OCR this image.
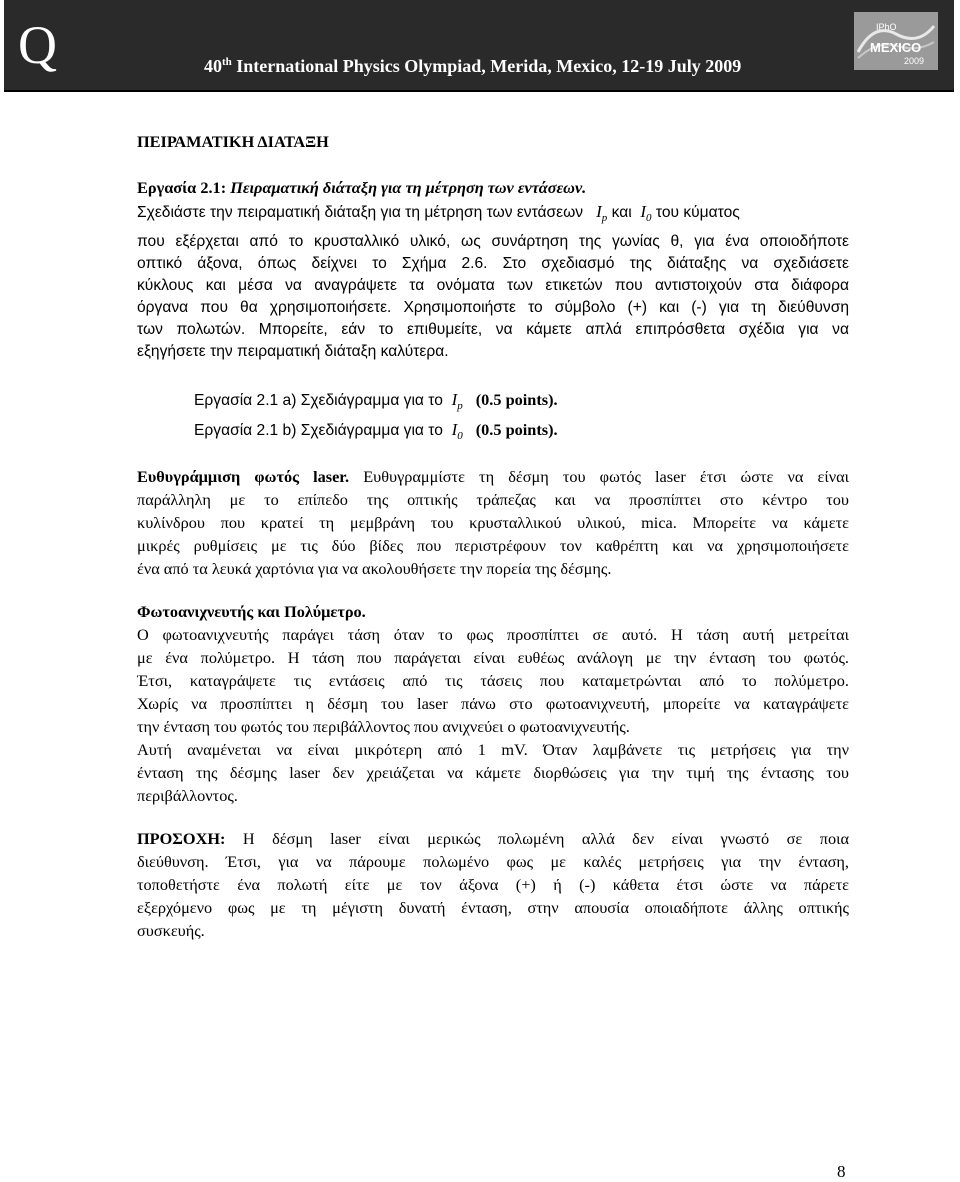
Q	40th International Physics Olympiad, Merida, Mexico, 12-19 July 2009
IPhO
MEXICO
2009
ΠΕΙΡΑΜΑΤΙΚΗ ΔΙΑΤΑΞΗ
Εργασία 2.1: Πειραματική διάταξη για τη μέτρηση των εντάσεων.
Σχεδιάστε την πειραματική διάταξη για τη μέτρηση των εντάσεων $I_p$ και $I_0$ του κύματος
που εξέρχεται από το κρυσταλλικό υλικό, ως συνάρτηση της γωνίας θ, για ένα οποιοδήποτε
οπτικό άξονα, όπως δείχνει το Σχήμα 2.6. Στο σχεδιασμό της διάταξης να σχεδιάσετε
κύκλους και μέσα να αναγράψετε τα ονόματα των ετικετών που αντιστοιχούν στα διάφορα
όργανα που θα χρησιμοποιήσετε. Χρησιμοποιήστε το σύμβολο (+) και (-) για τη διεύθυνση
των πολωτών. Μπορείτε, εάν το επιθυμείτε, να κάμετε απλά επιπρόσθετα σχέδια για να
εξηγήσετε την πειραματική διάταξη καλύτερα.
Εργασία 2.1 a) Σχεδιάγραμμα για το $I_p$ (0.5 points).
Εργασία 2.1 b) Σχεδιάγραμμα για το $I_0$ (0.5 points).
Ευθυγράμμιση φωτός laser. Ευθυγραμμίστε τη δέσμη του φωτός laser έτσι ώστε να είναι
παράλληλη με το επίπεδο της οπτικής τράπεζας και να προσπίπτει στο κέντρο του
κυλίνδρου που κρατεί τη μεμβράνη του κρυσταλλικού υλικού, mica. Μπορείτε να κάμετε
μικρές ρυθμίσεις με τις δύο βίδες που περιστρέφουν τον καθρέπτη και να χρησιμοποιήσετε
ένα από τα λευκά χαρτόνια για να ακολουθήσετε την πορεία της δέσμης.
Φωτοανιχνευτής και Πολύμετρο.
Ο φωτοανιχνευτής παράγει τάση όταν το φως προσπίπτει σε αυτό. Η τάση αυτή μετρείται
με ένα πολύμετρο. Η τάση που παράγεται είναι ευθέως ανάλογη με την ένταση του φωτός.
Έτσι, καταγράψετε τις εντάσεις από τις τάσεις που καταμετρώνται από το πολύμετρο.
Χωρίς να προσπίπτει η δέσμη του laser πάνω στο φωτοανιχνευτή, μπορείτε να καταγράψετε
την ένταση του φωτός του περιβάλλοντος που ανιχνεύει ο φωτοανιχνευτής.
Αυτή αναμένεται να είναι μικρότερη από 1 mV. Όταν λαμβάνετε τις μετρήσεις για την
ένταση της δέσμης laser δεν χρειάζεται να κάμετε διορθώσεις για την τιμή της έντασης του
περιβάλλοντος.
ΠΡΟΣΟΧΗ: Η δέσμη laser είναι μερικώς πολωμένη αλλά δεν είναι γνωστό σε ποια
διεύθυνση. Έτσι, για να πάρουμε πολωμένο φως με καλές μετρήσεις για την ένταση,
τοποθετήστε ένα πολωτή είτε με τον άξονα (+) ή (-) κάθετα έτσι ώστε να πάρετε
εξερχόμενο φως με τη μέγιστη δυνατή ένταση, στην απουσία οποιαδήποτε άλλης οπτικής
συσκευής.
8
